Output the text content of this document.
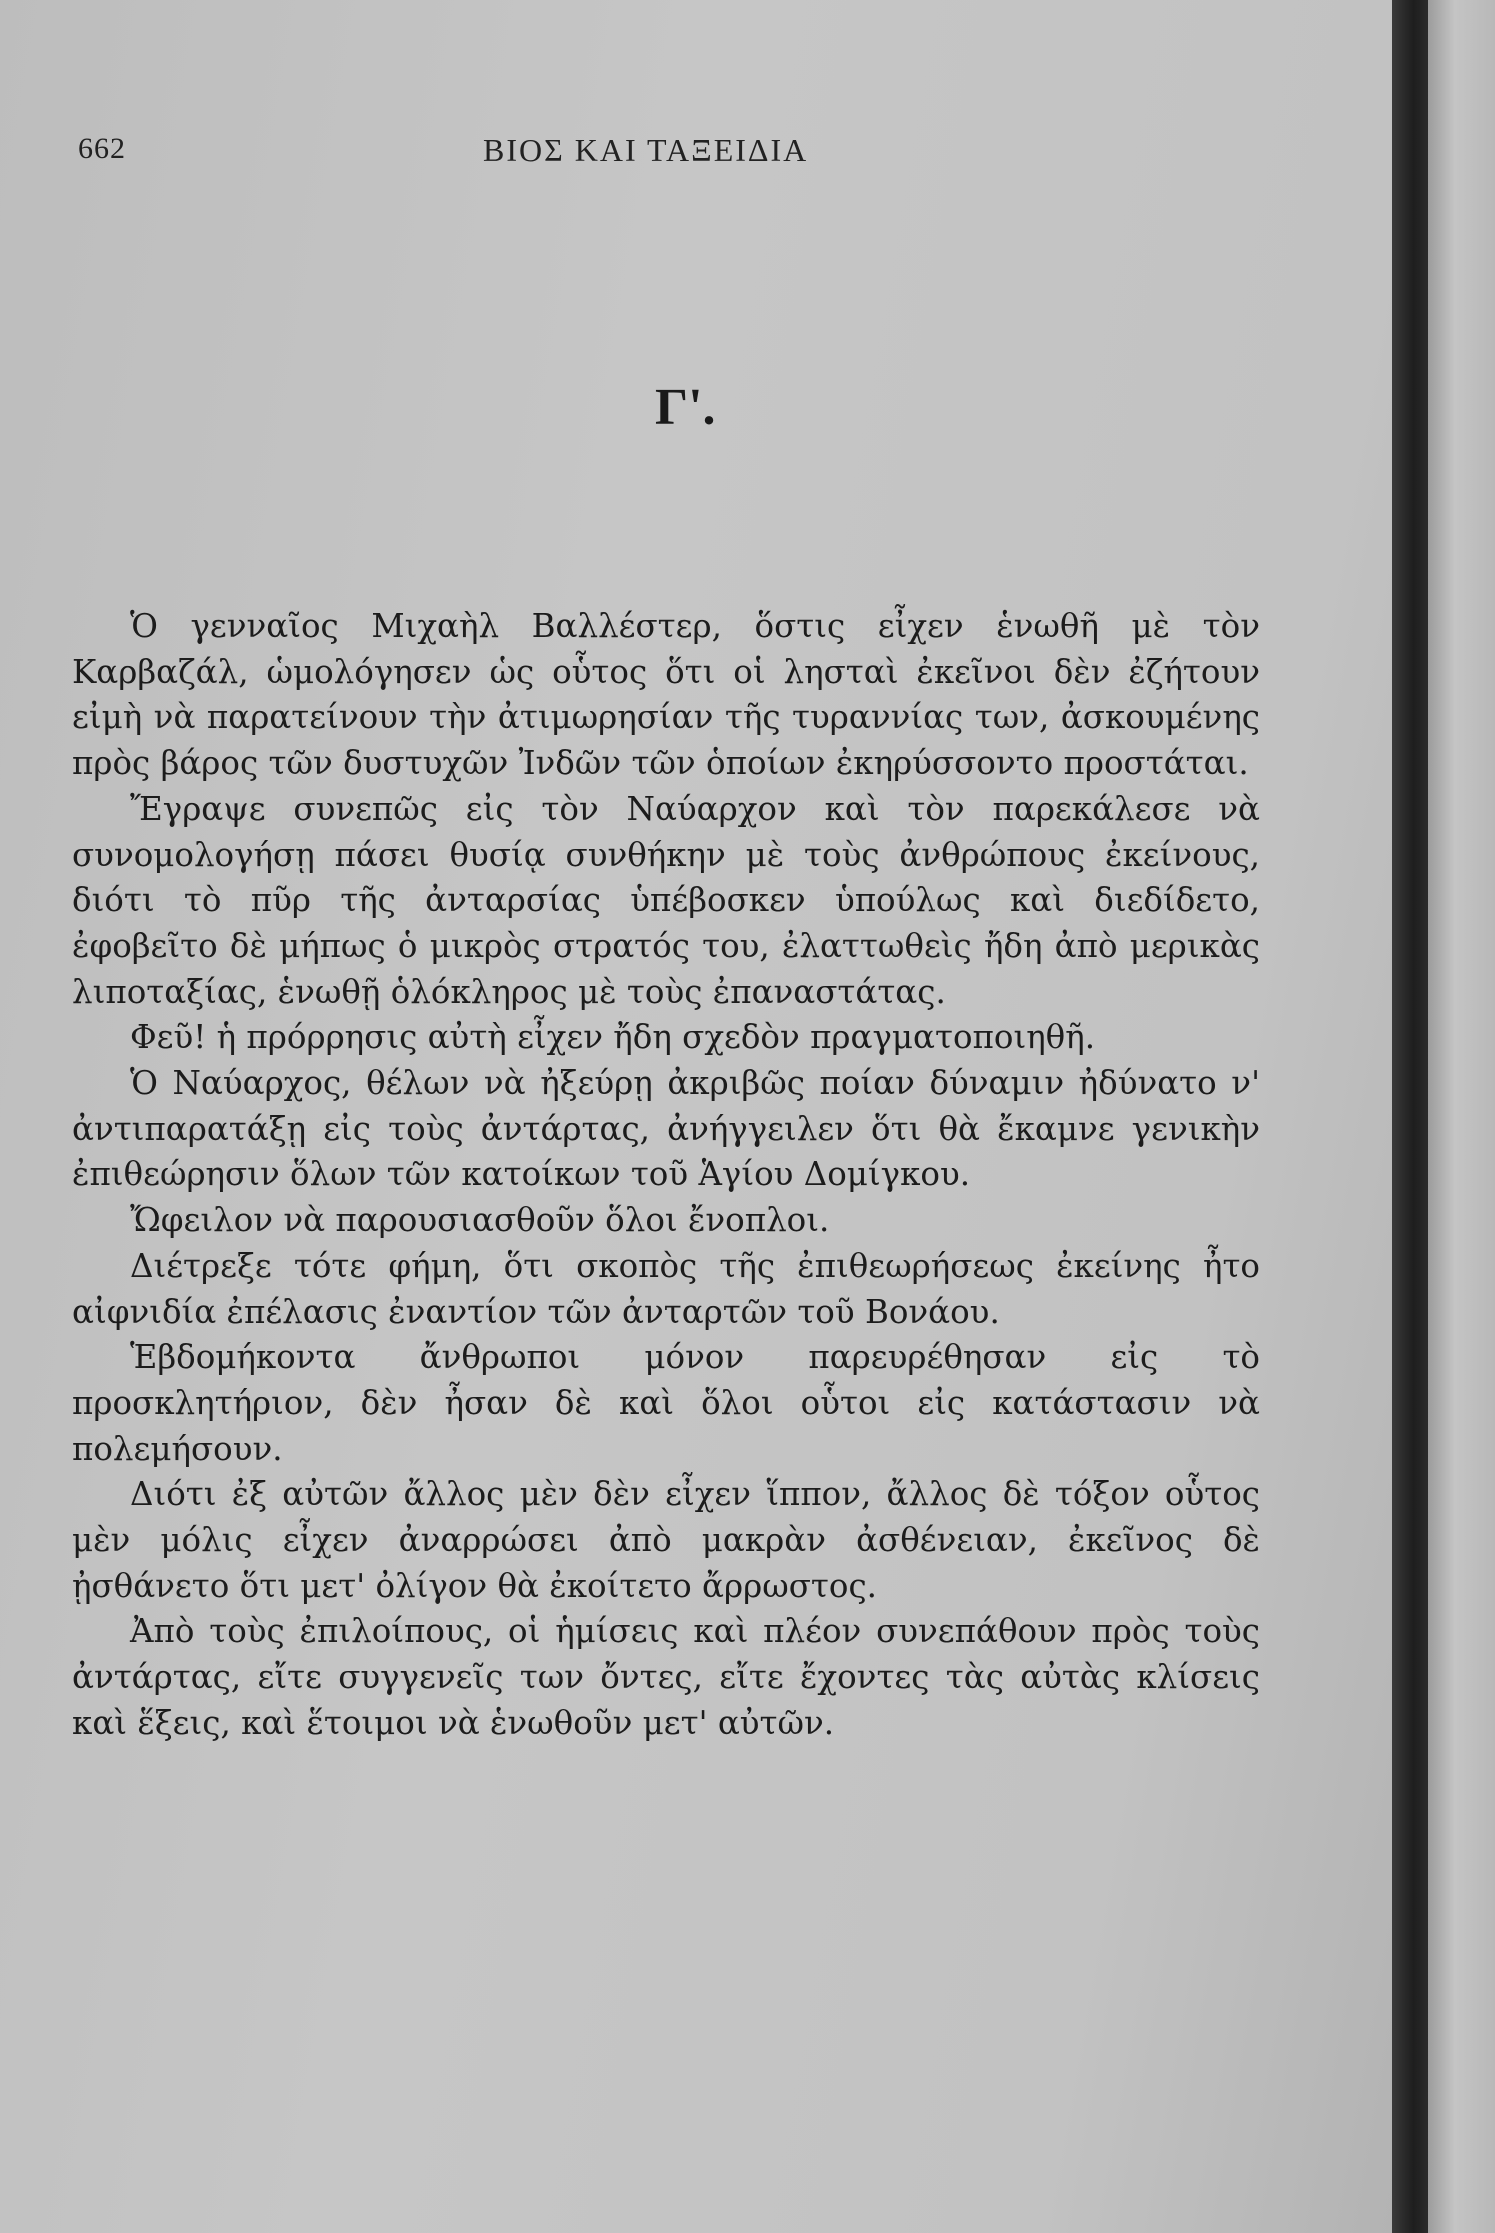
662	ΒΙΟΣ ΚΑΙ ΤΑΞΕΙΔΙΑ
Γ'.

Ὁ γενναῖος Μιχαὴλ Βαλλέστερ, ὅστις εἶχεν ἑνωθῆ μὲ τὸν Καρβαζάλ, ὡμολόγησεν ὡς οὗτος ὅτι οἱ λησταὶ ἐκεῖνοι δὲν ἐζήτουν εἰμὴ νὰ παρατείνουν τὴν ἀτιμωρησίαν τῆς τυραννίας των, ἀσκουμένης πρὸς βάρος τῶν δυστυχῶν Ἰνδῶν τῶν ὁποίων ἐκηρύσσοντο προστάται.

Ἔγραψε συνεπῶς εἰς τὸν Ναύαρχον καὶ τὸν παρεκάλεσε νὰ συνομολογήσῃ πάσει θυσίᾳ συνθήκην μὲ τοὺς ἀνθρώπους ἐκείνους, διότι τὸ πῦρ τῆς ἀνταρσίας ὑπέβοσκεν ὑπούλως καὶ διεδίδετο, ἐφοβεῖτο δὲ μήπως ὁ μικρὸς στρατός του, ἐλαττωθεὶς ἤδη ἀπὸ μερικὰς λιποταξίας, ἑνωθῇ ὁλόκληρος μὲ τοὺς ἐπαναστάτας.

Φεῦ! ἡ πρόρρησις αὐτὴ εἶχεν ἤδη σχεδὸν πραγματοποιηθῆ.

Ὁ Ναύαρχος, θέλων νὰ ἠξεύρῃ ἀκριβῶς ποίαν δύναμιν ἠδύνατο ν' ἀντιπαρατάξῃ εἰς τοὺς ἀντάρτας, ἀνήγγειλεν ὅτι θὰ ἔκαμνε γενικὴν ἐπιθεώρησιν ὅλων τῶν κατοίκων τοῦ Ἁγίου Δομίγκου.

Ὤφειλον νὰ παρουσιασθοῦν ὅλοι ἔνοπλοι.

Διέτρεξε τότε φήμη, ὅτι σκοπὸς τῆς ἐπιθεωρήσεως ἐκείνης ἦτο αἰφνιδία ἐπέλασις ἐναντίον τῶν ἀνταρτῶν τοῦ Βονάου.

Ἑβδομήκοντα ἄνθρωποι μόνον παρευρέθησαν εἰς τὸ προσκλητήριον, δὲν ἦσαν δὲ καὶ ὅλοι οὗτοι εἰς κατάστασιν νὰ πολεμήσουν.

Διότι ἐξ αὐτῶν ἄλλος μὲν δὲν εἶχεν ἵππον, ἄλλος δὲ τόξον οὗτος μὲν μόλις εἶχεν ἀναρρώσει ἀπὸ μακρὰν ἀσθένειαν, ἐκεῖνος δὲ ᾐσθάνετο ὅτι μετ' ὀλίγον θὰ ἐκοίτετο ἄρρωστος.

Ἀπὸ τοὺς ἐπιλοίπους, οἱ ἡμίσεις καὶ πλέον συνεπάθουν πρὸς τοὺς ἀντάρτας, εἴτε συγγενεῖς των ὄντες, εἴτε ἔχοντες τὰς αὐτὰς κλίσεις καὶ ἕξεις, καὶ ἕτοιμοι νὰ ἑνωθοῦν μετ' αὐτῶν.
